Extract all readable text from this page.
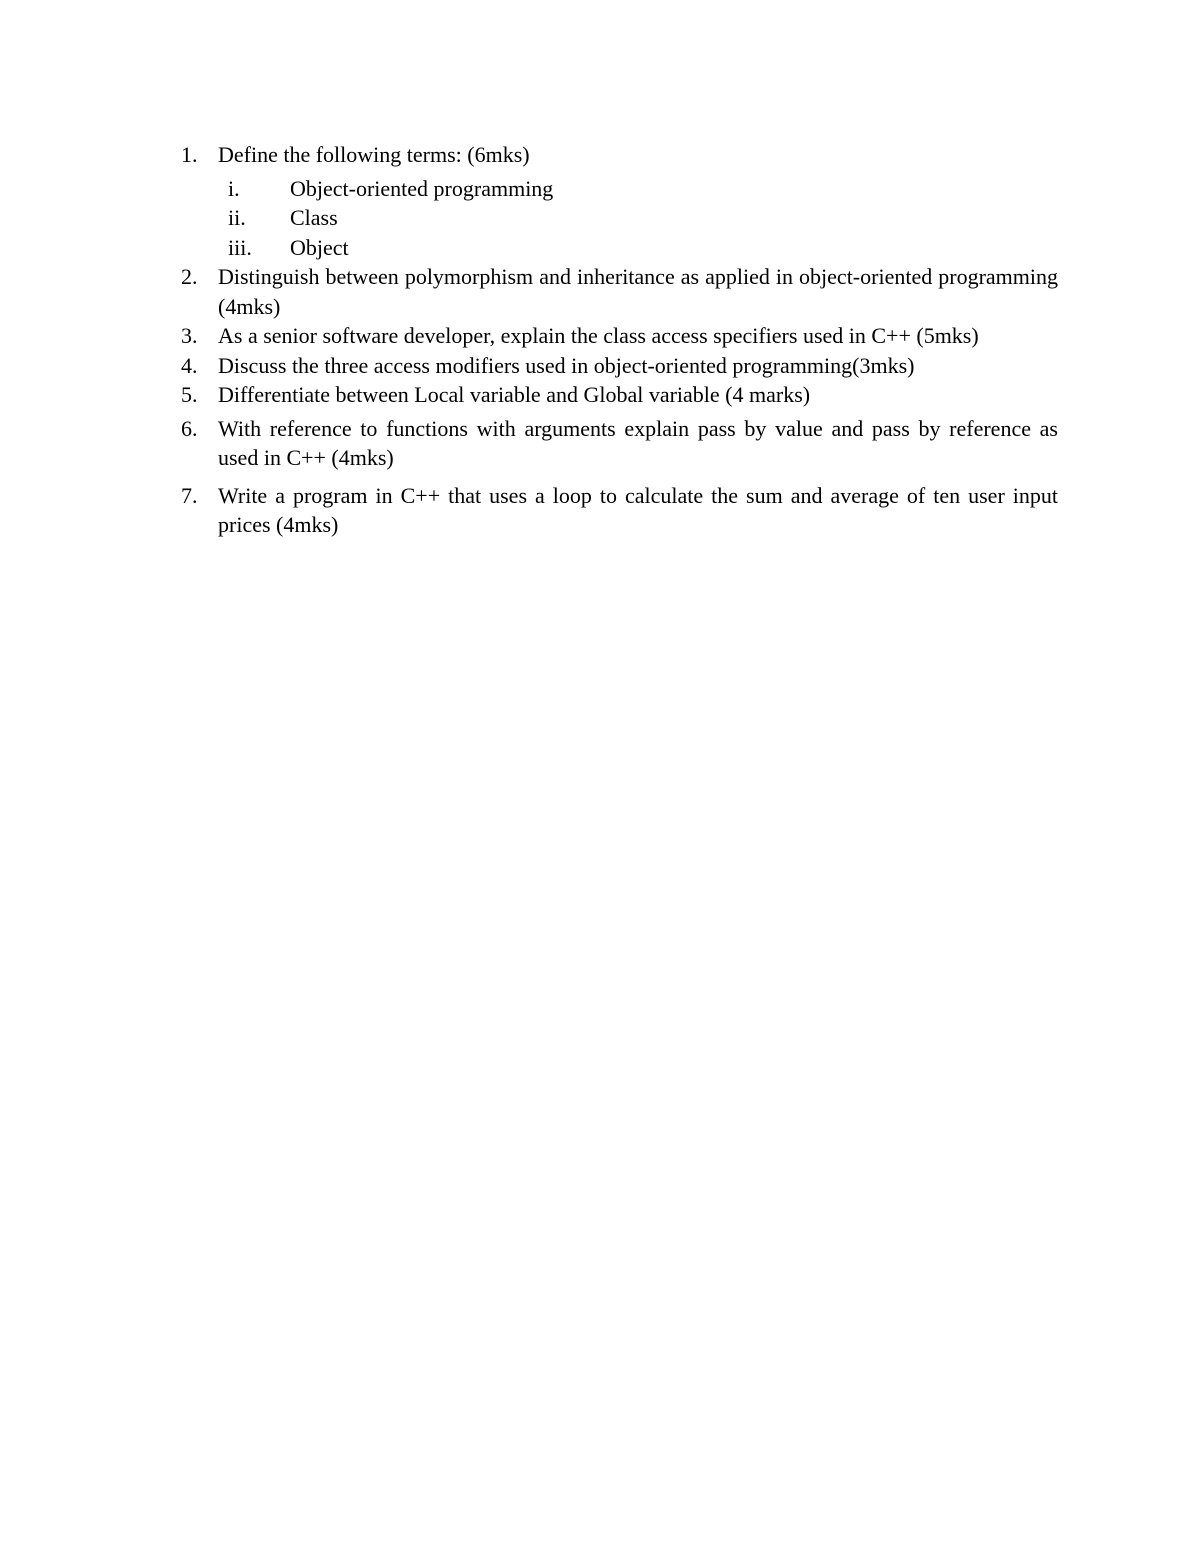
1. Define the following terms: (6mks)
i. Object-oriented programming
ii. Class
iii. Object
2. Distinguish between polymorphism and inheritance as applied in object-oriented programming (4mks)
3. As a senior software developer, explain the class access specifiers used in C++ (5mks)
4. Discuss the three access modifiers used in object-oriented programming(3mks)
5. Differentiate between Local variable and Global variable (4 marks)
6. With reference to functions with arguments explain pass by value and pass by reference as used in C++ (4mks)
7. Write a program in C++ that uses a loop to calculate the sum and average of ten user input prices (4mks)
